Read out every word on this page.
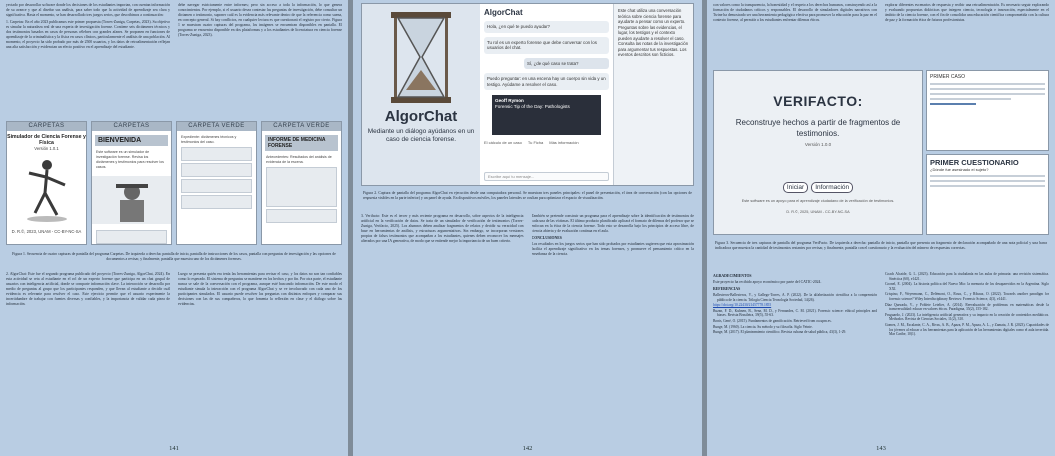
yectado por desarrollar software donde los decisiones de los estudiantes importan, con cuentan información de su avance y que al diseñar sus análisis, para saber todo que la actividad de aprendizaje sea clara y significativa. Hasta el momento, se han desarrollado tres juegos serios, que describimos a continuación:

1. Carpetas: En el año 2023 publicamos este primer propuesta (Torres-Zuniga, Carpetas, 2023). Su objetivo es simular la naturaleza real de una experta de investigación forense. Contiene seis dictámenes técnicos y dos testimonios basados en casos de personas célebres con grandes afanes. Se proponen en funciones de aprendizaje de la criminalística y la física en casos clínicos, particularmente el análisis de una población. Al momento, el proyecto ha sido probado por más de 2500 usuarios, y los datos de retroalimentación reflejan una alta satisfacción y evidencian un efecto positivo en el aprendizaje del estudiante.

debe navegar estrictamente entre informes; pero sin acceso a toda la información, lo que genera conocimientos. Por ejemplo, si el usuario desea contestar las preguntas de investigación, debe consultar un dictamen o testimonio, suponer cuál es la evidencia más relevante dentro de que la referencia como suena, en concepto general. Si hay conflictos, en cualquier lectura es que cuestionará el registro por cierto. Figura 1 se muestran cuatro capturas del programa, los imágenes se encuentran disponibles en pantalla. El programa se encuentra disponible en dos plataformas y a los estudiantes de licenciatura en ciencia forense (Torres-Zuniga, 2023).

CARPETAS
Simulador de Ciencia Forense y Física
Versión 1.0.1
D. R.©, 2023, UNAM - CC-BY-NC-SA
CARPETAS
BIENVENIDA
Este software es un simulador de investigación forense. Revisa los dictámenes y testimonios para resolver los casos.
CARPETA VERDE
Expediente: dictámenes técnicos y testimonios del caso.
CARPETA VERDE
INFORME DE MEDICINA FORENSE
Antecedentes: Resultados del análisis de evidencia de la escena.
Figura 1. Secuencia de cuatro capturas de pantalla del programa Carpetas. De izquierda a derecha: pantalla de inicio, pantalla de instrucciones de los casos, pantalla con preguntas de investigación y las opciones de documentos a revisar, y finalmente, pantalla que muestra uno de los dictámenes forenses.

2. AlgorChat: Este fue el segundo programa publicado del proyecto (Torres-Zuniga, AlgorChat, 2024). En esta actividad se reta al estudiante en el rol de un experto forense que participa en un chat grupal de usuarios con inteligencia artificial, donde se comparte información clave. La interacción se desarrolla por medio de preguntas al grupo que los participantes responden, y que llevan al estudiante a decidir cuál evidencia es relevante para resolver el caso. Este ejercicio permite que el usuario experimente la incertidumbre de trabajar con fuentes diversas y confiables, y la importancia de validar cada pieza de información.

Luego se presenta quién era tenía las herramientas para revisar el caso, y los datos no son tan confiables como lo esperado. El sistema de preguntas se mantiene en los hechos y por fin. Por otra parte, el estudiante nunca se sale de la conversación con el programa, aunque esté buscando información. De este modo el estudiante simula la interacción con el programa AlgorChat y se ve involucrado con cada uno de los participantes simulados. El usuario puede resolver las preguntas con distintos enfoques y comparar sus decisiones con las de sus compañeros, lo que fomenta la reflexión en clase y el diálogo sobre las evidencias.

141
AlgorChat
Mediante un diálogo ayúdanos en un caso de ciencia forense.
AlgorChat
Hola, ¿en qué te puedo ayudar?
Tu rol es un experto forense que debe conversar con los usuarios del chat.
Sí, ¿de qué caso se trata?
Puedo preguntar: en una escena hay un cuerpo sin vida y un testigo. Ayúdame a resolver el caso.
Geoff Rymon
Forensic Tip of the Day: Pathologists
El cálculo de un caso Tu Ficha Más información
Escribe aquí tu mensaje...
Este chat utiliza una conversación teórica sobre ciencia forense para ayudarte a pensar como un experto. Preguntas sobre las evidencias, el lugar, los testigos y el contexto pueden ayudarte a resolver el caso. Consulta las notas de la investigación para argumentar tus respuestas. Los eventos descritos son ficticios.
Figura 2. Captura de pantalla del programa AlgorChat en ejecución desde una computadora personal. Se muestran tres paneles principales: el panel de presentación, el área de conversación (con las opciones de respuesta visibles en la parte inferior) y un panel de ayuda. En dispositivos móviles, los paneles laterales se ocultan para optimizar el espacio de visualización.

3. Verifacto: Este es el tercer y más reciente programa en desarrollo, sobre aspectos de la inteligencia artificial en la verificación de datos. Se trata de un simulador de verificación de testimonios (Torres-Zuniga, Verifacto, 2025). Los alumnos deben analizar fragmentos de relatos y decidir su veracidad con base en herramientas de análisis, y estructuras argumentativas. Sin embargo, se incorporan versiones propias de falsos testimonios que acompañan a los estudiantes, quienes deben reconocer los mensajes alterados por una IA generativa, de modo que se entiende mejor la importancia de un buen criterio.

También se pretende construir un programa para el aprendizaje sobre la identificación de testimonios de cada una de las víctimas. El último producto planificado aplicará el formato de dilemas del profesor que se enfocan en la ética de la ciencia forense. Todo esto se desarrolla bajo los principios de acceso libre, de ciencia abierta y de evaluación continua en el aula.

CONCLUSIONES

Los resultados en los juegos serios que han sido probados por estudiantes sugieren que esta aproximación facilita el aprendizaje significativo en los temas forenses, y promueve el pensamiento crítico en la enseñanza de la ciencia.

142

con valores como la transparencia, la honestidad y el respeto a los derechos humanos, construyendo así a la formación de ciudadanos críticos y responsables. El desarrollo de simuladores digitales narrativos con Twine ha demostrado ser una herramienta pedagógica efectiva para promover la educación para la paz en el contexto forense, al permitir a los estudiantes enfrentar dilemas éticos.

explorar diferentes escenarios de respuesta y recibir una retroalimentación. Es necesario seguir explorando y evaluando propuestas didácticas que integren ciencia, tecnología e innovación, especialmente en el ámbito de la ciencia forense, con el fin de consolidar una educación científica comprometida con la cultura de paz y la formación ética de futuros profesionistas.

VERIFACTO:
Reconstruye hechos a partir de fragmentos de testimonios.
Versión 1.0.0
Iniciar	Información
Este software es un apoyo para el aprendizaje ciudadano de la verificación de testimonios.
D. R.©, 2025, UNAM - CC-BY-NC-SA
PRIMER CASO
PRIMER CUESTIONARIO
¿Dónde fue asesinado el sujeto?
Figura 3. Secuencia de tres capturas de pantalla del programa VeriFacto. De izquierda a derecha: pantalla de inicio, pantalla que presenta un fragmento de declaración acompañado de una nota policial y una barra indicadora que muestra la cantidad de testimonios restantes por revisar, y finalmente, pantalla con el cuestionario y la evaluación del número de respuestas correctas.
AGRADECIMIENTOS

Este proyecto ha recibido apoyo económico por parte del CATIC-2024.

REFERENCIAS
Ballesteros-Ballesteros, V., y Gallego-Torres, A. P. (2022). De la alfabetización científica a la comprensión pública de la ciencia. Trilogía Ciencia Tecnología Sociedad, 14(26).
https://doi.org/10.22430/21457778.1855
Buzan, F. D., Kuhnen, B., Senz, M. D., y Fernandez, C. M. (2021). Forensic science: ethical principles and biases. Revista Brasileira, 39(5), 55-63.
Bonis, Gené, O. (2015). Fundamentos de gamificación. Retrieved from oa.upm.es.
Bunge, M. (1960). La ciencia. Su método y su filosofía. Siglo Veinte.
Bunge, M. (2017). El planteamiento científico. Revista cubana de salud pública, 43(3), 1-29.
Coach Alcaide, G. L. (2023). Educación para la ciudadanía en las aulas de primaria: una revisión sistemática. Sinéctica (60), e1421.
Coonel, E. (2004). La historia política del Nuevo Mio: la memoria de los desaparecidos en la Argentina. Siglo XXI.
Crispino, F., Weyermann, C., Delémont, O., Roux, C., y Ribaux, O. (2022). Towards another paradigm for forensic science? Wiley Interdisciplinary Reviews: Forensic Science, 4(3), e1441.
Díaz Quezada, V., y Poblete Letelier, A. (2014). Reevaluación de problemas en matemáticas desde la transversalidad: educar en valores éticos. Paradigma, 35(2), 155-182.
Fruguardo, J. (2023). La inteligencia artificial generativa y su impacto en la creación de contenidos mediáticos. Methodos. Revista de Ciencias Sociales, 11(2), 310.
Gomez, J. M., Escalante, C. A., Rivas, A. B., Apaza, P. M., Apaza, A. L., y Zamata, J. R. (2023). Capacidades de los jóvenes al educar a los herramientas para la aplicación de las herramientas digitales como el aula invertida. Mar Caribe, 10(1).
143
